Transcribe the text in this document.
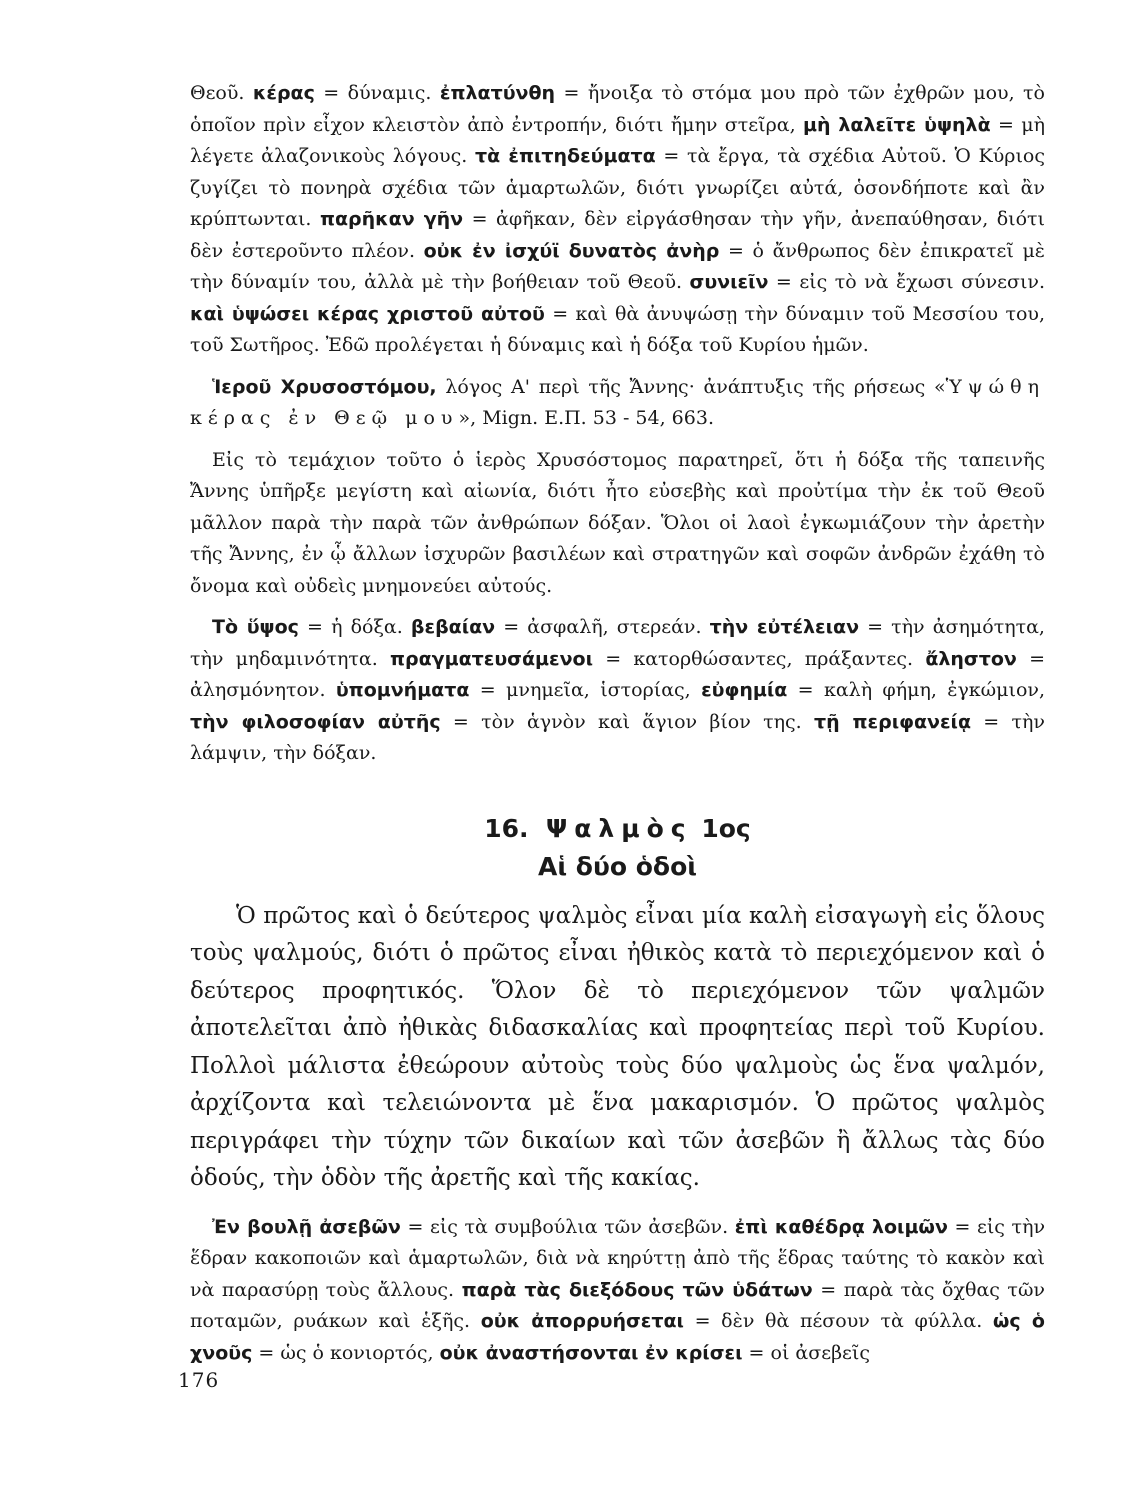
Θεοῦ. κέρας = δύναμις. ἐπλατύνθη = ἤνοιξα τὸ στόμα μου πρὸ τῶν ἐχθρῶν μου, τὸ ὁποῖον πρὶν εἶχον κλειστὸν ἀπὸ ἐντροπήν, διότι ἤμην στεῖρα, μὴ λαλεῖτε ὑψηλὰ = μὴ λέγετε ἀλαζονικοὺς λόγους. τὰ ἐπιτηδεύματα = τὰ ἔργα, τὰ σχέδια Αὐτοῦ. Ὁ Κύριος ζυγίζει τὸ πονηρὰ σχέδια τῶν ἁμαρτωλῶν, διότι γνωρίζει αὐτά, ὁσονδήποτε καὶ ἂν κρύπτωνται. παρῆκαν γῆν = ἀφῆκαν, δὲν εἰργάσθησαν τὴν γῆν, ἀνεπαύθησαν, διότι δὲν ἐστεροῦντο πλέον. οὐκ ἐν ἰσχύϊ δυνατὸς ἀνὴρ = ὁ ἄνθρωπος δὲν ἐπικρατεῖ μὲ τὴν δύναμίν του, ἀλλὰ μὲ τὴν βοήθειαν τοῦ Θεοῦ. συνιεῖν = εἰς τὸ νὰ ἔχωσι σύνεσιν. καὶ ὑψώσει κέρας χριστοῦ αὐτοῦ = καὶ θὰ ἀνυψώσῃ τὴν δύναμιν τοῦ Μεσσίου του, τοῦ Σωτῆρος. Ἐδῶ προλέγεται ἡ δύναμις καὶ ἡ δόξα τοῦ Κυρίου ἡμῶν.

Ἱεροῦ Χρυσοστόμου, λόγος Α' περὶ τῆς Ἄννης· ἀνάπτυξις τῆς ρήσεως «Ὑψώθη κέρας ἐν Θεῷ μου», Mign. Ε.Π. 53 - 54, 663.

Εἰς τὸ τεμάχιον τοῦτο ὁ ἱερὸς Χρυσόστομος παρατηρεῖ, ὅτι ἡ δόξα τῆς ταπεινῆς Ἄννης ὑπῆρξε μεγίστη καὶ αἰωνία, διότι ἦτο εὐσεβὴς καὶ προὐτίμα τὴν ἐκ τοῦ Θεοῦ μᾶλλον παρὰ τὴν παρὰ τῶν ἀνθρώπων δόξαν. Ὅλοι οἱ λαοὶ ἐγκωμιάζουν τὴν ἀρετὴν τῆς Ἄννης, ἐν ᾧ ἄλλων ἰσχυρῶν βασιλέων καὶ στρατηγῶν καὶ σοφῶν ἀνδρῶν ἐχάθη τὸ ὄνομα καὶ οὐδεὶς μνημονεύει αὐτούς.

Τὸ ὕψος = ἡ δόξα. βεβαίαν = ἀσφαλῆ, στερεάν. τὴν εὐτέλειαν = τὴν ἀσημότητα, τὴν μηδαμινότητα. πραγματευσάμενοι = κατορθώσαντες, πράξαντες. ἄληστον = ἀλησμόνητον. ὑπομνήματα = μνημεῖα, ἱστορίας, εὐφημία = καλὴ φήμη, ἐγκώμιον, τὴν φιλοσοφίαν αὐτῆς = τὸν ἁγνὸν καὶ ἅγιον βίον της. τῇ περιφανείᾳ = τὴν λάμψιν, τὴν δόξαν.

16. Ψαλμὸς 1ος

Αἱ δύο ὁδοὶ

Ὁ πρῶτος καὶ ὁ δεύτερος ψαλμὸς εἶναι μία καλὴ εἰσαγωγὴ εἰς ὅλους τοὺς ψαλμούς, διότι ὁ πρῶτος εἶναι ἠθικὸς κατὰ τὸ περιεχόμενον καὶ ὁ δεύτερος προφητικός. Ὅλον δὲ τὸ περιεχόμενον τῶν ψαλμῶν ἀποτελεῖται ἀπὸ ἠθικὰς διδασκαλίας καὶ προφητείας περὶ τοῦ Κυρίου. Πολλοὶ μάλιστα ἐθεώρουν αὐτοὺς τοὺς δύο ψαλμοὺς ὡς ἕνα ψαλμόν, ἀρχίζοντα καὶ τελειώνοντα μὲ ἕνα μακαρισμόν. Ὁ πρῶτος ψαλμὸς περιγράφει τὴν τύχην τῶν δικαίων καὶ τῶν ἀσεβῶν ἢ ἄλλως τὰς δύο ὁδούς, τὴν ὁδὸν τῆς ἀρετῆς καὶ τῆς κακίας.

Ἐν βουλῇ ἀσεβῶν = εἰς τὰ συμβούλια τῶν ἀσεβῶν. ἐπὶ καθέδρᾳ λοιμῶν = εἰς τὴν ἕδραν κακοποιῶν καὶ ἁμαρτωλῶν, διὰ νὰ κηρύττῃ ἀπὸ τῆς ἕδρας ταύτης τὸ κακὸν καὶ νὰ παρασύρῃ τοὺς ἄλλους. παρὰ τὰς διεξόδους τῶν ὑδάτων = παρὰ τὰς ὄχθας τῶν ποταμῶν, ρυάκων καὶ ἑξῆς. οὐκ ἀπορρυήσεται = δὲν θὰ πέσουν τὰ φύλλα. ὡς ὁ χνοῦς = ὡς ὁ κονιορτός, οὐκ ἀναστήσονται ἐν κρίσει = οἱ ἀσεβεῖς

176
